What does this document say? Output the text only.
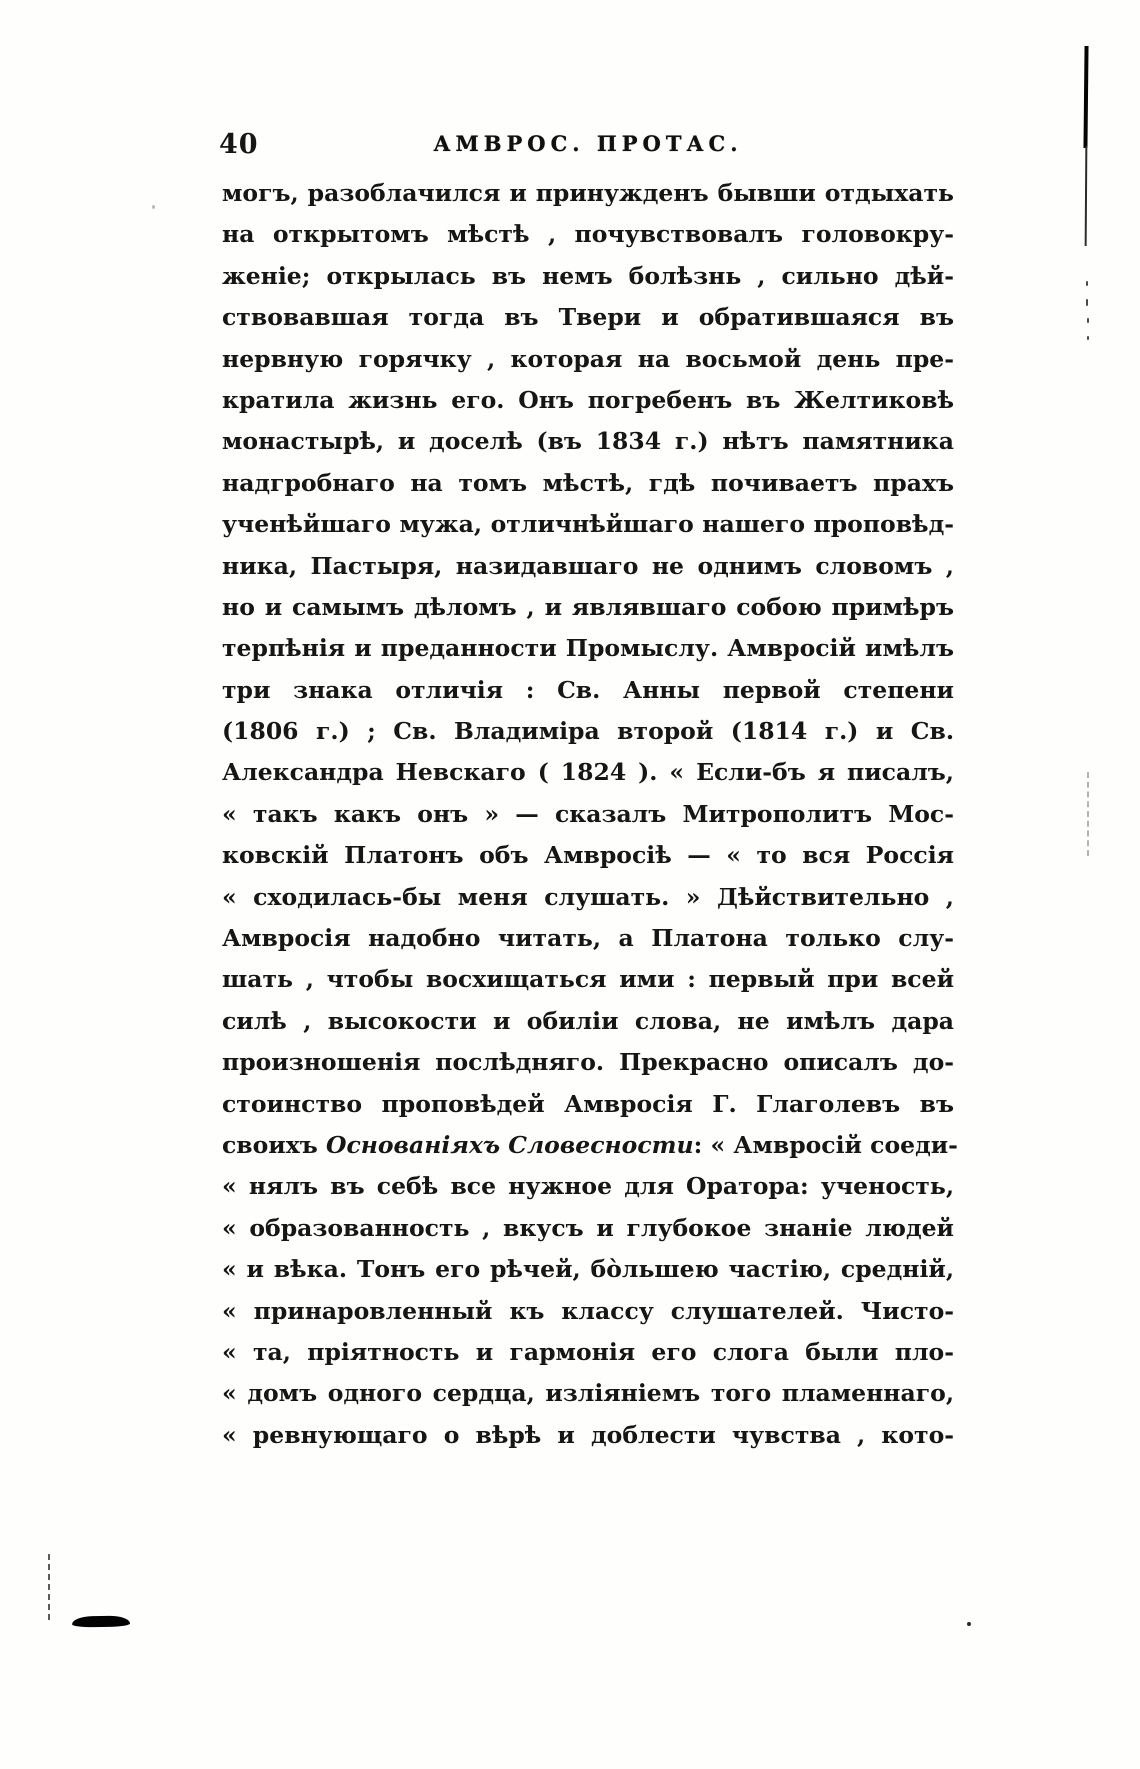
40	АМВРОС. ПРОТАС.
могъ, разоблачился и принужденъ бывши отдыхать
на открытомъ мѣстѣ , почувствовалъ головокру-
женіе; открылась въ немъ болѣзнь , сильно дѣй-
ствовавшая тогда въ Твери и обратившаяся въ
нервную горячку , которая на восьмой день пре-
кратила жизнь его. Онъ погребенъ въ Желтиковѣ
монастырѣ, и доселѣ (въ 1834 г.) нѣтъ памятника
надгробнаго на томъ мѣстѣ, гдѣ почиваетъ прахъ
ученѣйшаго мужа, отличнѣйшаго нашего проповѣд-
ника, Пастыря, назидавшаго не однимъ словомъ ,
но и самымъ дѣломъ , и являвшаго собою примѣръ
терпѣнія и преданности Промыслу. Амвросій имѣлъ
три знака отличія : Св. Анны первой степени
(1806 г.) ; Св. Владиміра второй (1814 г.) и Св.
Александра Невскаго ( 1824 ). « Если-бъ я писалъ,
« такъ какъ онъ » — сказалъ Митрополитъ Мос-
ковскій Платонъ объ Амвросіѣ — « то вся Россія
« сходилась-бы меня слушать. » Дѣйствительно ,
Амвросія надобно читать, а Платона только слу-
шать , чтобы восхищаться ими : первый при всей
силѣ , высокости и обиліи слова, не имѣлъ дара
произношенія послѣдняго. Прекрасно описалъ до-
стоинство проповѣдей Амвросія Г. Глаголевъ въ
своихъ Основаніяхъ Словесности: « Амвросій соеди-
« нялъ въ себѣ все нужное для Оратора: ученость,
« образованность , вкусъ и глубокое знаніе людей
« и вѣка. Тонъ его рѣчей, бо̀льшею частію, средній,
« принаровленный къ классу слушателей. Чисто-
« та, пріятность и гармонія его слога были пло-
« домъ одного сердца, изліяніемъ того пламеннаго,
« ревнующаго о вѣрѣ и доблести чувства , кото-
